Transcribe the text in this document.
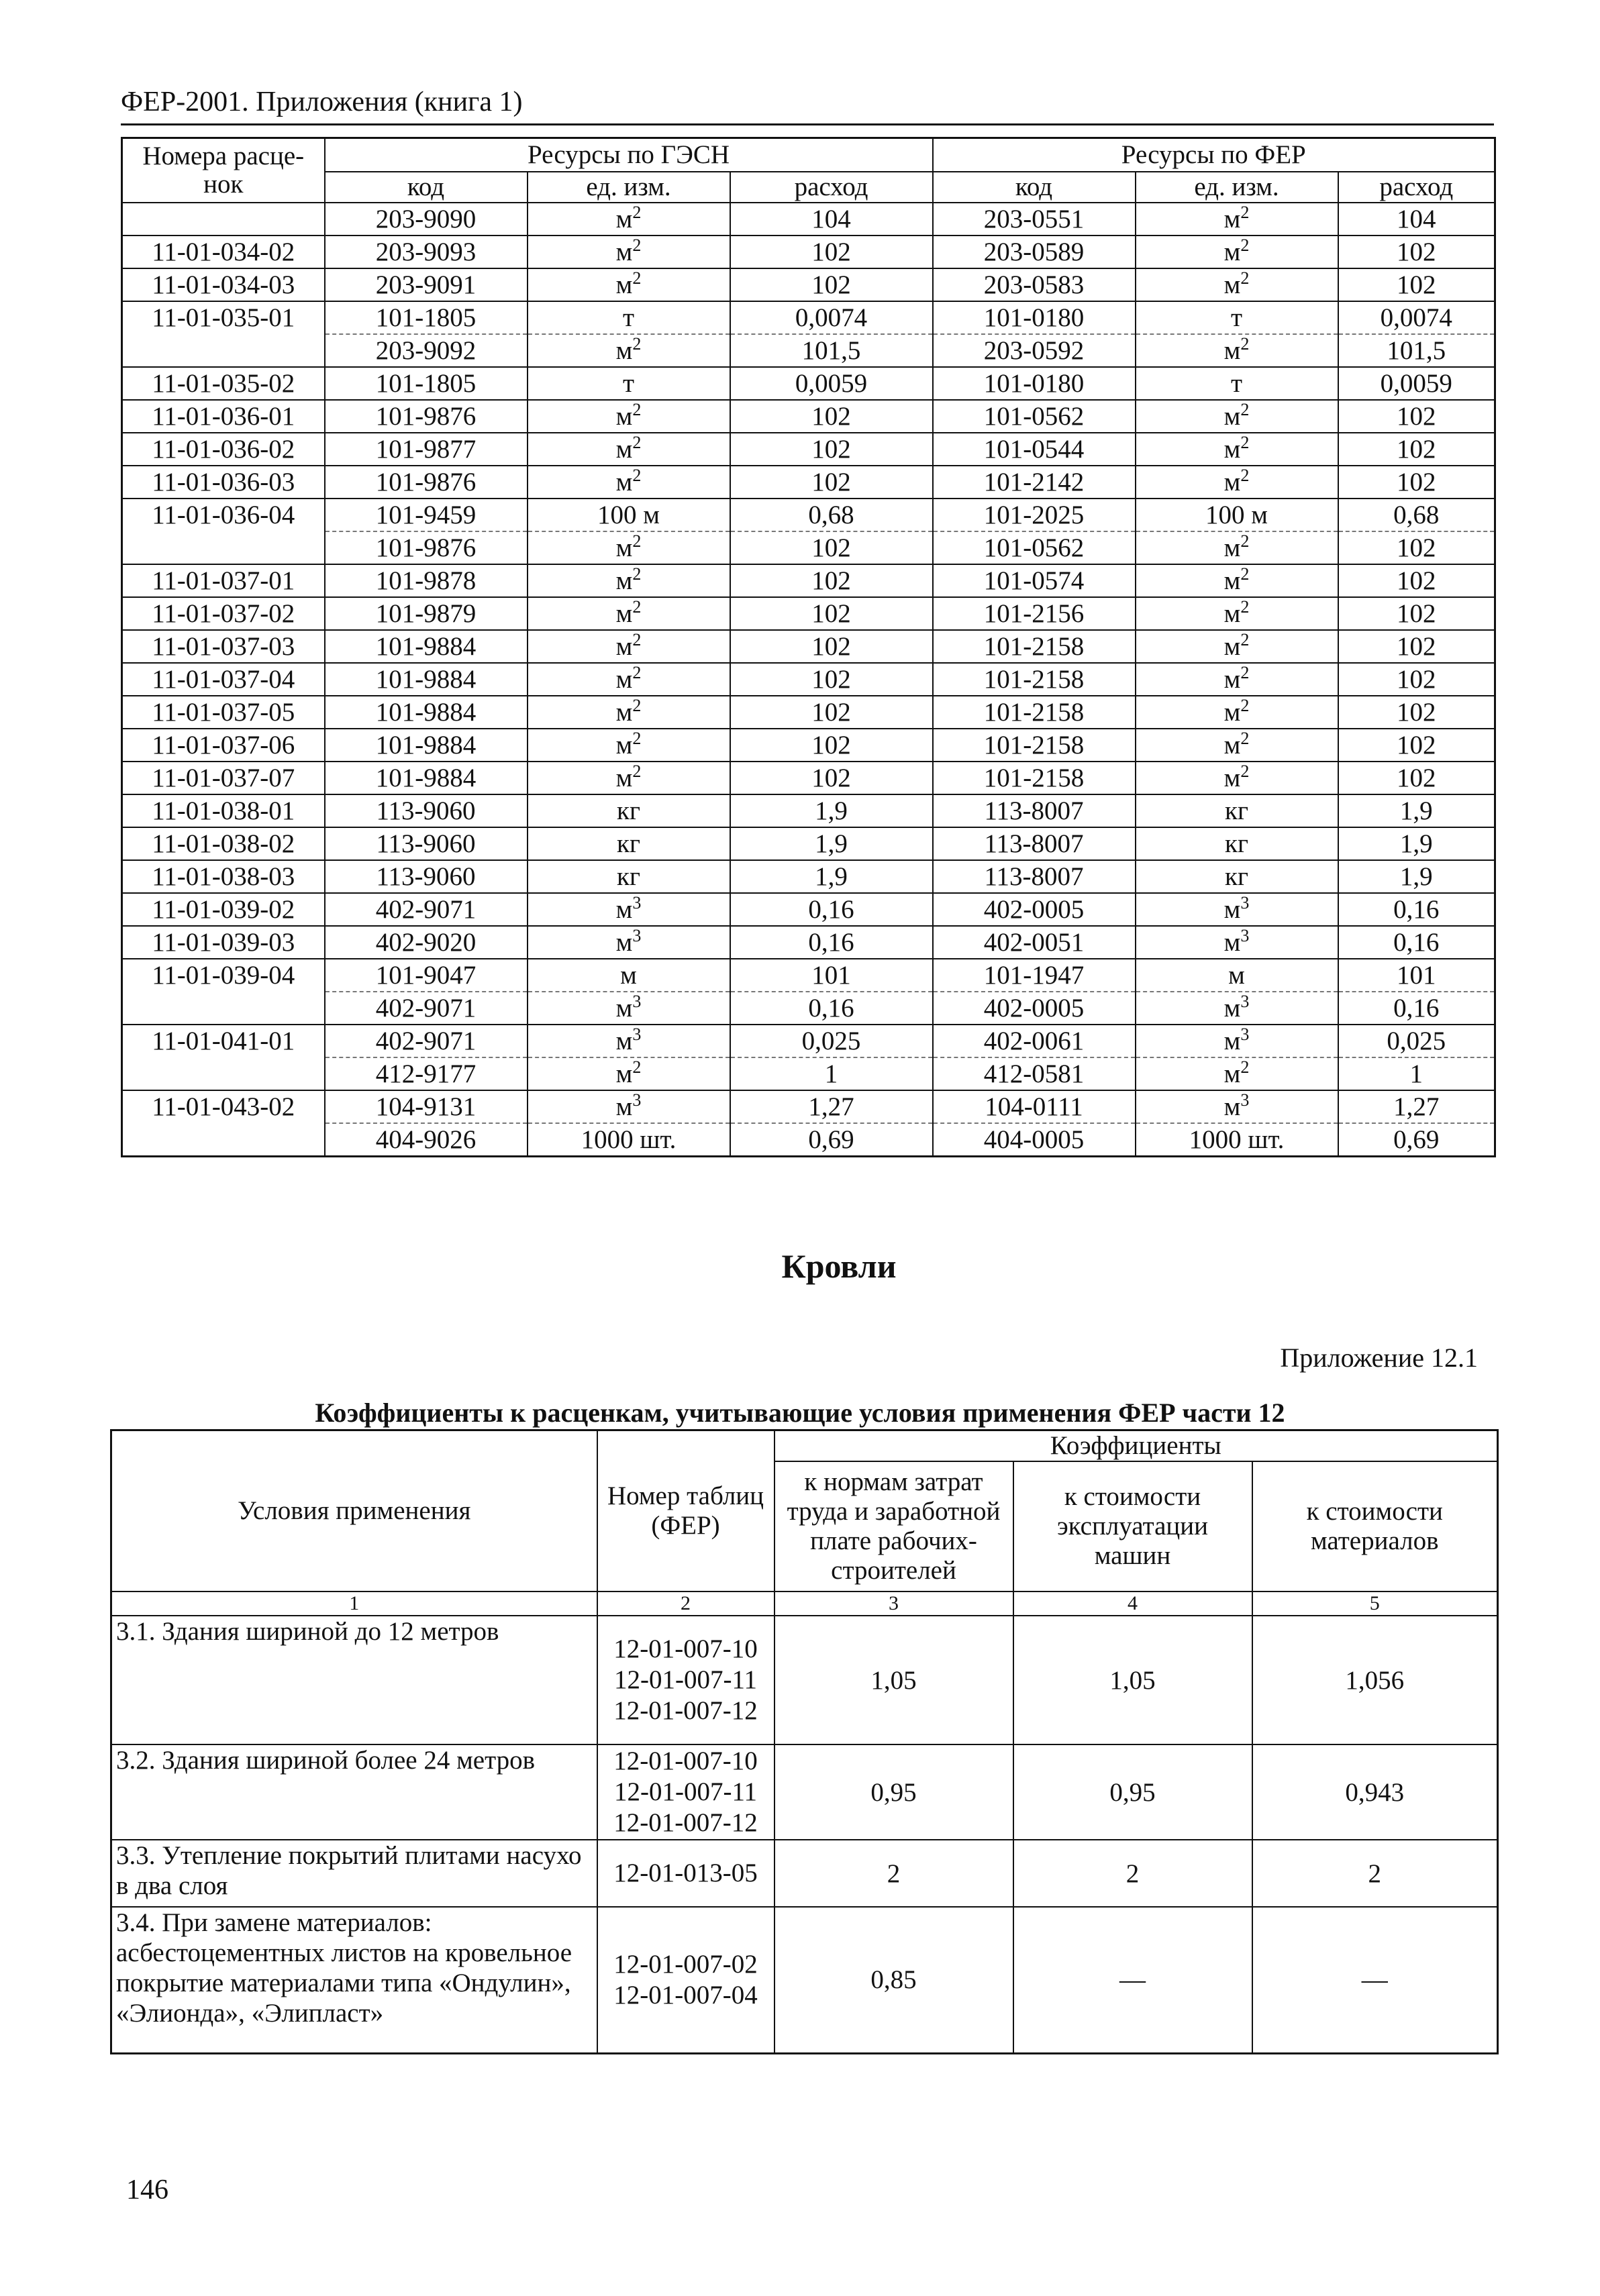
ФЕР-2001. Приложения (книга 1)
Номера расце-
нок	Ресурсы по ГЭСН			Ресурсы по ФЕР		
	код	ед. изм.	расход	код	ед. изм.	расход
	203-9090	$м^2$	104	203-0551	$м^2$	104
11-01-034-02	203-9093	$м^2$	102	203-0589	$м^2$	102
11-01-034-03	203-9091	$м^2$	102	203-0583	$м^2$	102
11-01-035-01	101-1805	т	0,0074	101-0180	т	0,0074
	203-9092	$м^2$	101,5	203-0592	$м^2$	101,5
11-01-035-02	101-1805	т	0,0059	101-0180	т	0,0059
11-01-036-01	101-9876	$м^2$	102	101-0562	$м^2$	102
11-01-036-02	101-9877	$м^2$	102	101-0544	$м^2$	102
11-01-036-03	101-9876	$м^2$	102	101-2142	$м^2$	102
11-01-036-04	101-9459	100 м	0,68	101-2025	100 м	0,68
	101-9876	$м^2$	102	101-0562	$м^2$	102
11-01-037-01	101-9878	$м^2$	102	101-0574	$м^2$	102
11-01-037-02	101-9879	$м^2$	102	101-2156	$м^2$	102
11-01-037-03	101-9884	$м^2$	102	101-2158	$м^2$	102
11-01-037-04	101-9884	$м^2$	102	101-2158	$м^2$	102
11-01-037-05	101-9884	$м^2$	102	101-2158	$м^2$	102
11-01-037-06	101-9884	$м^2$	102	101-2158	$м^2$	102
11-01-037-07	101-9884	$м^2$	102	101-2158	$м^2$	102
11-01-038-01	113-9060	кг	1,9	113-8007	кг	1,9
11-01-038-02	113-9060	кг	1,9	113-8007	кг	1,9
11-01-038-03	113-9060	кг	1,9	113-8007	кг	1,9
11-01-039-02	402-9071	$м^3$	0,16	402-0005	$м^3$	0,16
11-01-039-03	402-9020	$м^3$	0,16	402-0051	$м^3$	0,16
11-01-039-04	101-9047	м	101	101-1947	м	101
	402-9071	$м^3$	0,16	402-0005	$м^3$	0,16
11-01-041-01	402-9071	$м^3$	0,025	402-0061	$м^3$	0,025
	412-9177	$м^2$	1	412-0581	$м^2$	1
11-01-043-02	104-9131	$м^3$	1,27	104-0111	$м^3$	1,27
	404-9026	1000 шт.	0,69	404-0005	1000 шт.	0,69
Кровли
Приложение 12.1
Коэффициенты к расценкам, учитывающие условия применения ФЕР части 12
Условия применения	Номер таблиц (ФЕР)	Коэффициенты		
		к нормам затрат труда и заработной плате рабочих-строителей	к стоимости эксплуатации машин	к стоимости материалов
1	2	3	4	5
3.1. Здания шириной до 12 метров	12-01-007-10
12-01-007-11
12-01-007-12	1,05	1,05	1,056
3.2. Здания шириной более 24 метров	12-01-007-10
12-01-007-11
12-01-007-12	0,95	0,95	0,943
3.3. Утепление покрытий плитами насухо в два слоя	12-01-013-05	2	2	2
3.4. При замене материалов: асбестоцементных листов на кровельное покрытие материалами типа «Ондулин», «Элионда», «Элипласт»	12-01-007-02
12-01-007-04	0,85	—	—
146
